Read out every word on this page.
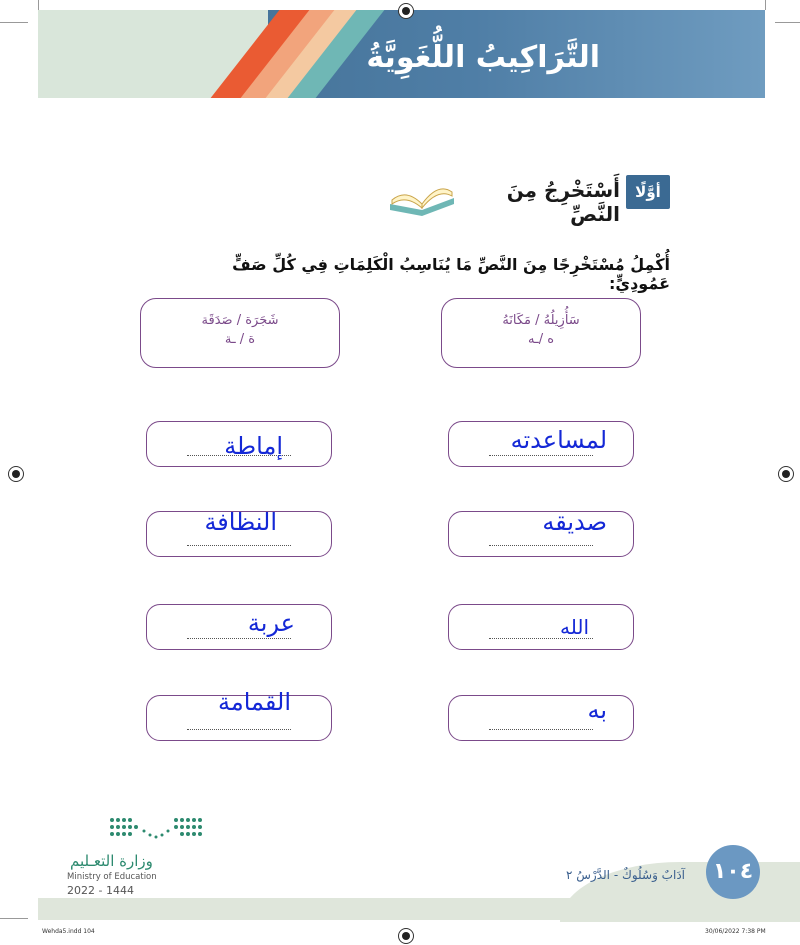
التَّرَاكِيبُ اللُّغَوِيَّةُ
أوَّلًا
أَسْتَخْرِجُ مِنَ النَّصِّ
أُكْمِلُ مُسْتَخْرِجًا مِنَ النَّصِّ مَا يُنَاسِبُ الْكَلِمَاتِ فِي كُلِّ صَفٍّ عَمُودِيٍّ:
سَأُزِيلُهُ / مَكَانَهُ
ه /ـه
شَجَرَة / صَدَقَة
ة / ـة
لمساعدته
صديقه
الله
به
إماطة
النظافة
عربة
القمامة
١٠٤
آدَابٌ وَسُلُوكٌ - الدَّرْسُ ٢
وزارة التعـليم
Ministry of Education
2022 - 1444
Wehda5.indd 104	30/06/2022 7:38 PM
